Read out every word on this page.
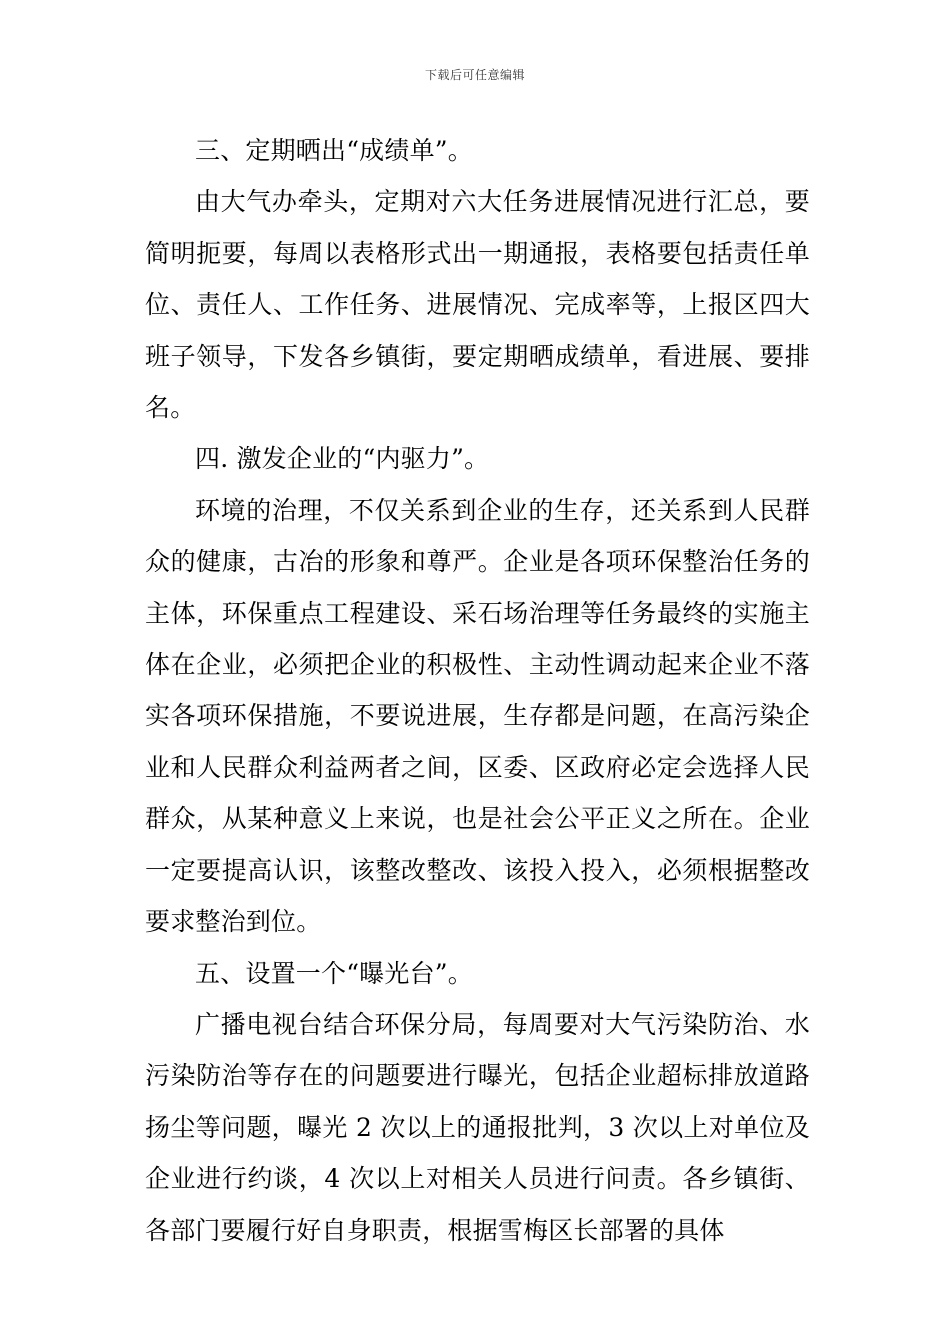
下载后可任意编辑

三、定期晒出“成绩单”。

由大气办牵头，定期对六大任务进展情况进行汇总，要简明扼要，每周以表格形式出一期通报，表格要包括责任单位、责任人、工作任务、进展情况、完成率等，上报区四大班子领导，下发各乡镇街，要定期晒成绩单，看进展、要排名。

四. 激发企业的“内驱力”。

环境的治理，不仅关系到企业的生存，还关系到人民群众的健康，古冶的形象和尊严。企业是各项环保整治任务的主体，环保重点工程建设、采石场治理等任务最终的实施主体在企业，必须把企业的积极性、主动性调动起来企业不落实各项环保措施，不要说进展，生存都是问题，在高污染企业和人民群众利益两者之间，区委、区政府必定会选择人民群众，从某种意义上来说，也是社会公平正义之所在。企业一定要提高认识，该整改整改、该投入投入，必须根据整改要求整治到位。

五、设置一个“曝光台”。

广播电视台结合环保分局，每周要对大气污染防治、水污染防治等存在的问题要进行曝光，包括企业超标排放道路扬尘等问题，曝光 2 次以上的通报批判，3 次以上对单位及企业进行约谈，4 次以上对相关人员进行问责。各乡镇街、各部门要履行好自身职责，根据雪梅区长部署的具体
